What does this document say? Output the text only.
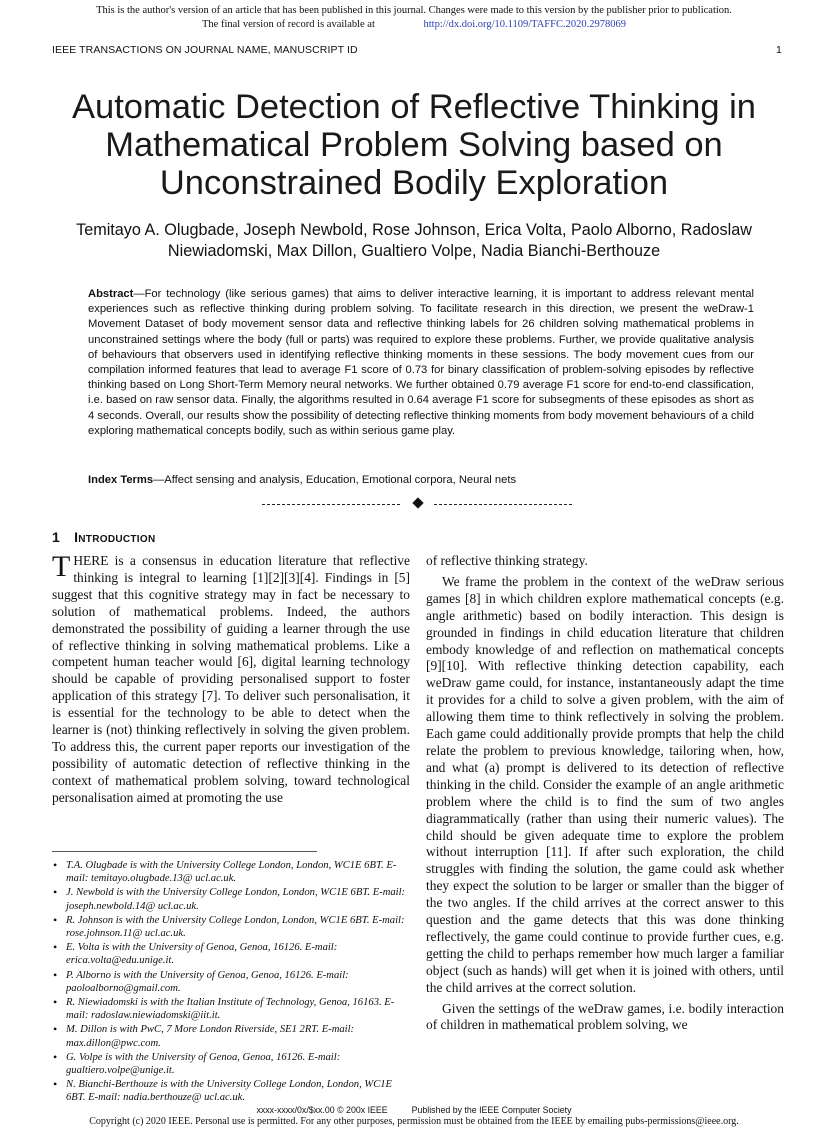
This is the author's version of an article that has been published in this journal. Changes were made to this version by the publisher prior to publication.
The final version of record is available at	http://dx.doi.org/10.1109/TAFFC.2020.2978069
IEEE TRANSACTIONS ON JOURNAL NAME, MANUSCRIPT ID	1
Automatic Detection of Reflective Thinking in Mathematical Problem Solving based on Unconstrained Bodily Exploration
Temitayo A. Olugbade, Joseph Newbold, Rose Johnson, Erica Volta, Paolo Alborno, Radoslaw Niewiadomski, Max Dillon, Gualtiero Volpe, Nadia Bianchi-Berthouze
Abstract—For technology (like serious games) that aims to deliver interactive learning, it is important to address relevant mental experiences such as reflective thinking during problem solving. To facilitate research in this direction, we present the weDraw-1 Movement Dataset of body movement sensor data and reflective thinking labels for 26 children solving mathematical problems in unconstrained settings where the body (full or parts) was required to explore these problems. Further, we provide qualitative analysis of behaviours that observers used in identifying reflective thinking moments in these sessions. The body movement cues from our compilation informed features that lead to average F1 score of 0.73 for binary classification of problem-solving episodes by reflective thinking based on Long Short-Term Memory neural networks. We further obtained 0.79 average F1 score for end-to-end classification, i.e. based on raw sensor data. Finally, the algorithms resulted in 0.64 average F1 score for subsegments of these episodes as short as 4 seconds. Overall, our results show the possibility of detecting reflective thinking moments from body movement behaviours of a child exploring mathematical concepts bodily, such as within serious game play.
Index Terms—Affect sensing and analysis, Education, Emotional corpora, Neural nets
1 Introduction

THERE is a consensus in education literature that reflective thinking is integral to learning [1][2][3][4]. Findings in [5] suggest that this cognitive strategy may in fact be necessary to solution of mathematical problems. Indeed, the authors demonstrated the possibility of guiding a learner through the use of reflective thinking in solving mathematical problems. Like a competent human teacher would [6], digital learning technology should be capable of providing personalised support to foster application of this strategy [7]. To deliver such personalisation, it is essential for the technology to be able to detect when the learner is (not) thinking reflectively in solving the given problem. To address this, the current paper reports our investigation of the possibility of automatic detection of reflective thinking in the context of mathematical problem solving, toward technological personalisation aimed at promoting the use

of reflective thinking strategy.

We frame the problem in the context of the weDraw serious games [8] in which children explore mathematical concepts (e.g. angle arithmetic) based on bodily interaction. This design is grounded in findings in child education literature that children embody knowledge of and reflection on mathematical concepts [9][10]. With reflective thinking detection capability, each weDraw game could, for instance, instantaneously adapt the time it provides for a child to solve a given problem, with the aim of allowing them time to think reflectively in solving the problem. Each game could additionally provide prompts that help the child relate the problem to previous knowledge, tailoring when, how, and what (a) prompt is delivered to its detection of reflective thinking in the child. Consider the example of an angle arithmetic problem where the child is to find the sum of two angles diagrammatically (rather than using their numeric values). The child should be given adequate time to explore the problem without interruption [11]. If after such exploration, the child struggles with finding the solution, the game could ask whether they expect the solution to be larger or smaller than the bigger of the two angles. If the child arrives at the correct answer to this question and the game detects that this was done thinking reflectively, the game could continue to provide further cues, e.g. getting the child to perhaps remember how much larger a familiar object (such as hands) will get when it is joined with others, until the child arrives at the correct solution.

Given the settings of the weDraw games, i.e. bodily interaction of children in mathematical problem solving, we

• T.A. Olugbade is with the University College London, London, WC1E 6BT. E-mail: temitayo.olugbade.13@ ucl.ac.uk.
• J. Newbold is with the University College London, London, WC1E 6BT. E-mail: joseph.newbold.14@ ucl.ac.uk.
• R. Johnson is with the University College London, London, WC1E 6BT. E-mail: rose.johnson.11@ ucl.ac.uk.
• E. Volta is with the University of Genoa, Genoa, 16126. E-mail: erica.volta@edu.unige.it.
• P. Alborno is with the University of Genoa, Genoa, 16126. E-mail: paoloalborno@gmail.com.
• R. Niewiadomski is with the Italian Institute of Technology, Genoa, 16163. E-mail: radoslaw.niewiadomski@iit.it.
• M. Dillon is with PwC, 7 More London Riverside, SE1 2RT. E-mail: max.dillon@pwc.com.
• G. Volpe is with the University of Genoa, Genoa, 16126. E-mail: gualtiero.volpe@unige.it.
• N. Bianchi-Berthouze is with the University College London, London, WC1E 6BT. E-mail: nadia.berthouze@ ucl.ac.uk.
xxxx-xxxx/0x/$xx.00 © 200x IEEE	Published by the IEEE Computer Society
Copyright (c) 2020 IEEE. Personal use is permitted. For any other purposes, permission must be obtained from the IEEE by emailing pubs-permissions@ieee.org.
